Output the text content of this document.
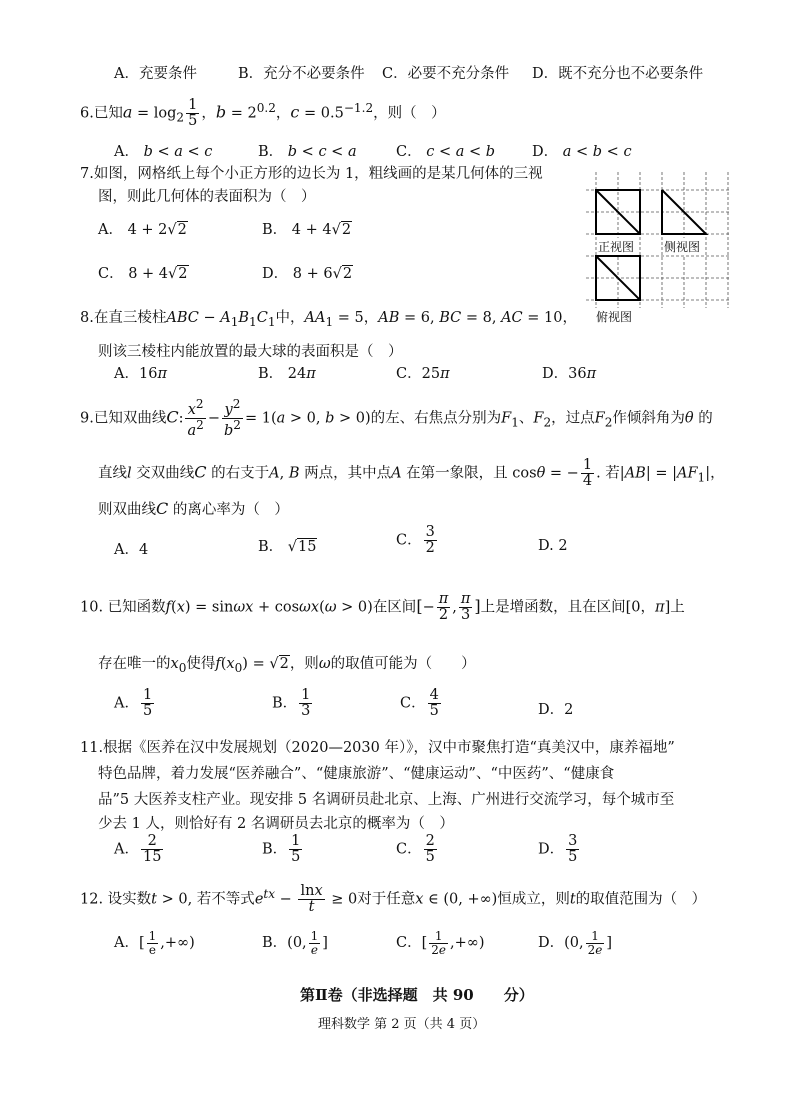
A．充要条件	B．充分不必要条件 C．必要不充分条件 D．既不充分也不必要条件
6.已知$a = \log_2 \frac{1}{5}$ ，$b = 2^{0.2}$，$c = 0.5^{-1.2}$，则（　）
A． b < a < c	B． b < c < a	C． c < a < b	D． a < b < c
7.如图，网格纸上每个小正方形的边长为 1，粗线画的是某几何体的三视
图，则此几何体的表面积为（　）
A． 4 + 2√2	B． 4 + 4√2
C． 8 + 4√2	D． 8 + 6√2
正视图 侧视图
俯视图
8.在直三棱柱ABC − $A_1B_1C_1$中，$AA_1 = 5$，AB = 6, BC = 8, AC = 10，
则该三棱柱内能放置的最大球的表面积是（　）
A．16π	B． 24π	C．25π	D．36π
9.已知双曲线C: $\frac{x^2}{a^2} - \frac{y^2}{b^2} = 1(a > 0$, b > 0)的左、右焦点分别为$F_1$、$F_2$，过点$F_2$作倾斜角为θ 的
直线l 交双曲线C 的右支于A, B 两点，其中点A 在第一象限，且 cosθ = − $\frac{1}{4}$ . 若$|AB| = |AF_1|$，
则双曲线C 的离心率为（　）
A．4	B． √15	C． $\frac{3}{2}$	D. 2
10. 已知函数f(x) = sinωx + cosωx(ω > 0)在区间[− $\frac{\pi}{2}$ , $\frac{\pi}{3}$ ]上是增函数，且在区间[0，π]上
存在唯一的$x_0$使得$f(x_0) = √2$，则ω的取值可能为（　　）
A． $\frac{1}{5}$	B． $\frac{1}{3}$	C． $\frac{4}{5}$	D．2
11.根据《医养在汉中发展规划（2020—2030 年）》，汉中市聚焦打造“真美汉中，康养福地”
特色品牌，着力发展“医养融合”、“健康旅游”、“健康运动”、“中医药”、“健康食
品”5 大医养支柱产业。现安排 5 名调研员赴北京、上海、广州进行交流学习，每个城市至
少去 1 人，则恰好有 2 名调研员去北京的概率为（　）
A． $\frac{2}{15}$	B． $\frac{1}{5}$	C． $\frac{2}{5}$	D． $\frac{3}{5}$
12. 设实数t > 0, 若不等式$e^{tx} - \frac{\ln x}{t} \ge 0$对于任意x ∈ (0, +∞)恒成立，则t的取值范围为（　）
A．[ $\frac{1}{e}$ ,+∞)	B．(0, $\frac{1}{e}$ ]	C．[ $\frac{1}{2e}$ ,+∞)	D．(0, $\frac{1}{2e}$ ]
第Ⅱ卷（非选择题　共 90　　分）
理科数学 第 2 页（共 4 页）
